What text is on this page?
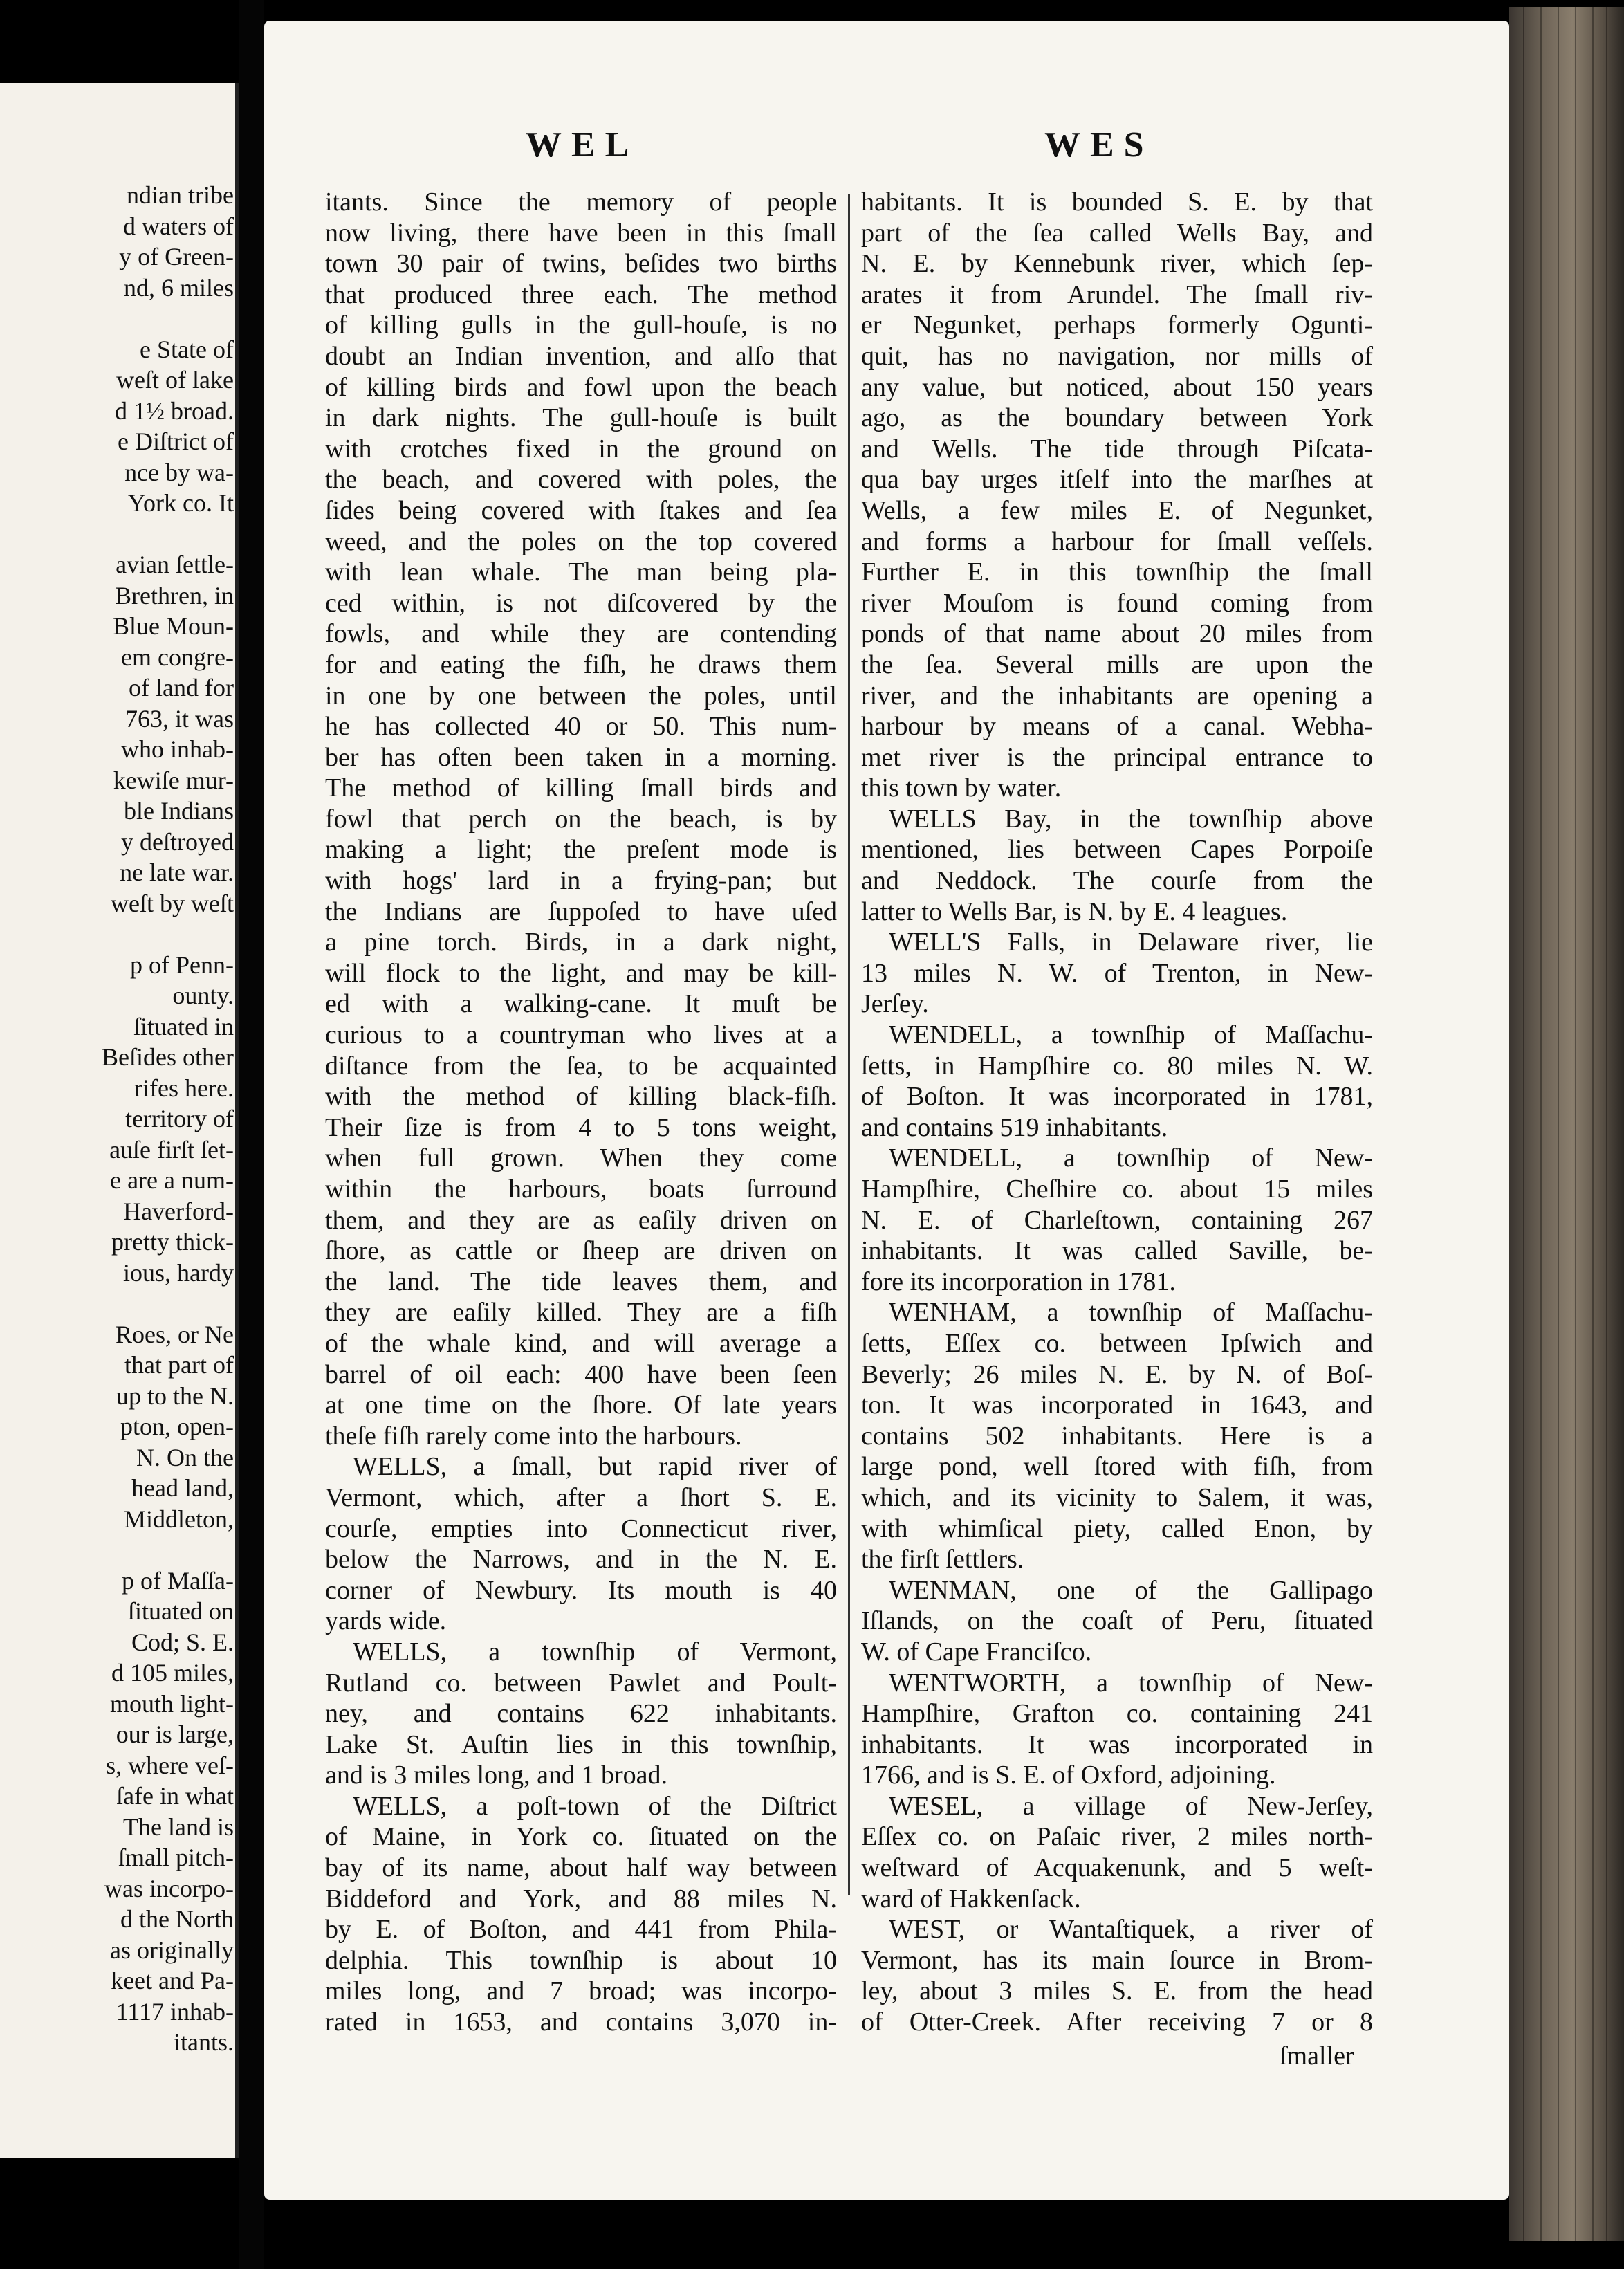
ndian tribe
d waters of
y of Green-
nd, 6 miles

e State of
weſt of lake
d 1½ broad.
e Diſtrict of
nce by wa-
York co. It

avian ſettle-
Brethren, in
Blue Moun-
em congre-
of land for
763, it was
who inhab-
kewiſe mur-
ble Indians
y deſtroyed
ne late war.
weſt by weſt

p of Penn-
ounty.
ſituated in
Beſides other
rifes here.
territory of
auſe firſt ſet-
e are a num-
Haverford-
pretty thick-
ious, hardy

Roes, or Ne
that part of
up to the N.
pton, open-
N. On the
head land,
Middleton,

p of Maſſa-
ſituated on
Cod; S. E.
d 105 miles,
mouth light-
our is large,
s, where veſ-
ſafe in what
The land is
ſmall pitch-
was incorpo-
d the North
as originally
keet and Pa-
1117 inhab-
itants.
WEL	WES
itants. Since the memory of people
now living, there have been in this ſmall
town 30 pair of twins, beſides two births
that produced three each. The method
of killing gulls in the gull-houſe, is no
doubt an Indian invention, and alſo that
of killing birds and fowl upon the beach
in dark nights. The gull-houſe is built
with crotches fixed in the ground on
the beach, and covered with poles, the
ſides being covered with ſtakes and ſea
weed, and the poles on the top covered
with lean whale. The man being pla-
ced within, is not diſcovered by the
fowls, and while they are contending
for and eating the fiſh, he draws them
in one by one between the poles, until
he has collected 40 or 50. This num-
ber has often been taken in a morning.
The method of killing ſmall birds and
fowl that perch on the beach, is by
making a light; the preſent mode is
with hogs' lard in a frying-pan; but
the Indians are ſuppoſed to have uſed
a pine torch. Birds, in a dark night,
will flock to the light, and may be kill-
ed with a walking-cane. It muſt be
curious to a countryman who lives at a
diſtance from the ſea, to be acquainted
with the method of killing black-fiſh.
Their ſize is from 4 to 5 tons weight,
when full grown. When they come
within the harbours, boats ſurround
them, and they are as eaſily driven on
ſhore, as cattle or ſheep are driven on
the land. The tide leaves them, and
they are eaſily killed. They are a fiſh
of the whale kind, and will average a
barrel of oil each: 400 have been ſeen
at one time on the ſhore. Of late years
theſe fiſh rarely come into the harbours.
WELLS, a ſmall, but rapid river of
Vermont, which, after a ſhort S. E.
courſe, empties into Connecticut river,
below the Narrows, and in the N. E.
corner of Newbury. Its mouth is 40
yards wide.
WELLS, a townſhip of Vermont,
Rutland co. between Pawlet and Poult-
ney, and contains 622 inhabitants.
Lake St. Auſtin lies in this townſhip,
and is 3 miles long, and 1 broad.
WELLS, a poſt-town of the Diſtrict
of Maine, in York co. ſituated on the
bay of its name, about half way between
Biddeford and York, and 88 miles N.
by E. of Boſton, and 441 from Phila-
delphia. This townſhip is about 10
miles long, and 7 broad; was incorpo-
rated in 1653, and contains 3,070 in-
habitants. It is bounded S. E. by that
part of the ſea called Wells Bay, and
N. E. by Kennebunk river, which ſep-
arates it from Arundel. The ſmall riv-
er Negunket, perhaps formerly Ogunti-
quit, has no navigation, nor mills of
any value, but noticed, about 150 years
ago, as the boundary between York
and Wells. The tide through Piſcata-
qua bay urges itſelf into the marſhes at
Wells, a few miles E. of Negunket,
and forms a harbour for ſmall veſſels.
Further E. in this townſhip the ſmall
river Mouſom is found coming from
ponds of that name about 20 miles from
the ſea. Several mills are upon the
river, and the inhabitants are opening a
harbour by means of a canal. Webha-
met river is the principal entrance to
this town by water.
WELLS Bay, in the townſhip above
mentioned, lies between Capes Porpoiſe
and Neddock. The courſe from the
latter to Wells Bar, is N. by E. 4 leagues.
WELL'S Falls, in Delaware river, lie
13 miles N. W. of Trenton, in New-
Jerſey.
WENDELL, a townſhip of Maſſachu-
ſetts, in Hampſhire co. 80 miles N. W.
of Boſton. It was incorporated in 1781,
and contains 519 inhabitants.
WENDELL, a townſhip of New-
Hampſhire, Cheſhire co. about 15 miles
N. E. of Charleſtown, containing 267
inhabitants. It was called Saville, be-
fore its incorporation in 1781.
WENHAM, a townſhip of Maſſachu-
ſetts, Eſſex co. between Ipſwich and
Beverly; 26 miles N. E. by N. of Boſ-
ton. It was incorporated in 1643, and
contains 502 inhabitants. Here is a
large pond, well ſtored with fiſh, from
which, and its vicinity to Salem, it was,
with whimſical piety, called Enon, by
the firſt ſettlers.
WENMAN, one of the Gallipago
Iſlands, on the coaſt of Peru, ſituated
W. of Cape Franciſco.
WENTWORTH, a townſhip of New-
Hampſhire, Grafton co. containing 241
inhabitants. It was incorporated in
1766, and is S. E. of Oxford, adjoining.
WESEL, a village of New-Jerſey,
Eſſex co. on Paſaic river, 2 miles north-
weſtward of Acquakenunk, and 5 weſt-
ward of Hakkenſack.
WEST, or Wantaſtiquek, a river of
Vermont, has its main ſource in Brom-
ley, about 3 miles S. E. from the head
of Otter-Creek. After receiving 7 or 8
ſmaller
